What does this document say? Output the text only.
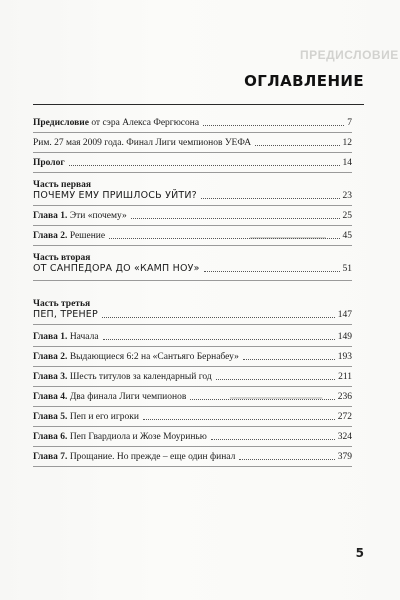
ПРЕДИСЛОВИЕ
━━━━━━━━━━━━━━
━━━━━━━━━━━━━━━━━
ОГЛАВЛЕНИЕ
Предисловие от сэра Алекса Фергюсона	7
Рим. 27 мая 2009 года. Финал Лиги чемпионов УЕФА	12
Пролог	14
Часть первая
ПОЧЕМУ ЕМУ ПРИШЛОСЬ УЙТИ?	23
Глава 1. Эти «почему»	25
Глава 2. Решение	45
Часть вторая
ОТ САНПЕДОРА ДО «КАМП НОУ»	51
Часть третья
ПЕП, ТРЕНЕР	147
Глава 1. Начала	149
Глава 2. Выдающиеся 6:2 на «Сантьяго Бернабеу»	193
Глава 3. Шесть титулов за календарный год	211
Глава 4. Два финала Лиги чемпионов	236
Глава 5. Пеп и его игроки	272
Глава 6. Пеп Гвардиола и Жозе Моуринью	324
Глава 7. Прощание. Но прежде – еще один финал	379
5
